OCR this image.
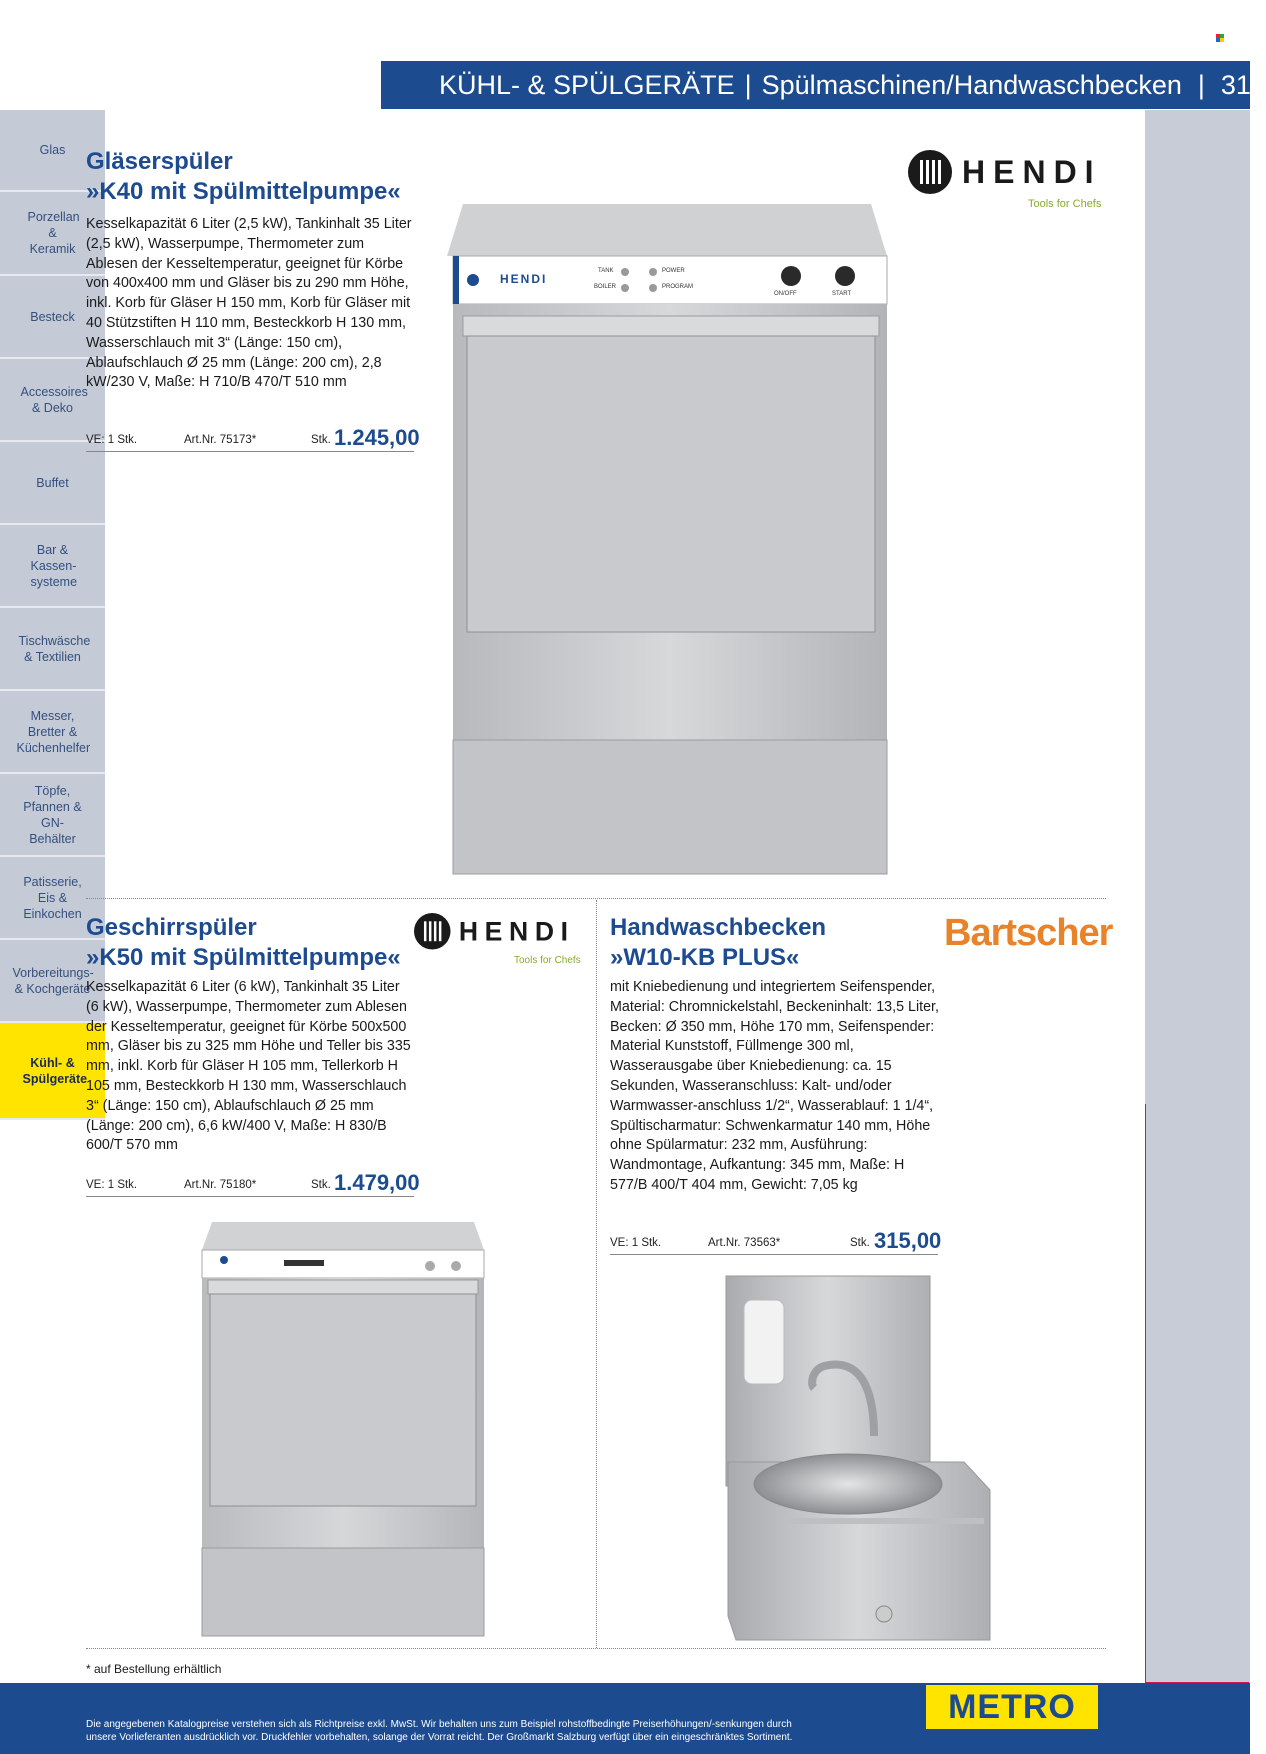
KÜHL- & SPÜLGERÄTE | Spülmaschinen/Handwaschbecken | 319
Glas
Porzellan & Keramik
Besteck
Accessoires & Deko
Buffet
Bar & Kassen-systeme
Tischwäsche & Textilien
Messer, Bretter & Küchenhelfer
Töpfe, Pfannen & GN-Behälter
Patisserie, Eis & Einkochen
Vorbereitungs- & Kochgeräte
Kühl- & Spülgeräte
Gläserspüler
»K40 mit Spülmittelpumpe«
Kesselkapazität 6 Liter (2,5 kW), Tankinhalt 35 Liter (2,5 kW), Wasserpumpe, Thermometer zum Ablesen der Kesseltemperatur, geeignet für Körbe von 400x400 mm und Gläser bis zu 290 mm Höhe, inkl. Korb für Gläser H 150 mm, Korb für Gläser mit 40 Stützstiften H 110 mm, Besteckkorb H 130 mm, Wasserschlauch mit 3“ (Länge: 150 cm), Ablaufschlauch Ø 25 mm (Länge: 200 cm), 2,8 kW/230 V, Maße: H 710/B 470/T 510 mm
VE: 1 Stk.	Art.Nr. 75173*	Stk. 1.245,00
HENDI
Tools for Chefs
HENDI
TANK
BOILER
POWER
PROGRAM
ON/OFF	START
Geschirrspüler
»K50 mit Spülmittelpumpe«
HENDI
Tools for Chefs
Kesselkapazität 6 Liter (6 kW), Tankinhalt 35 Liter (6 kW), Wasserpumpe, Thermometer zum Ablesen der Kesseltemperatur, geeignet für Körbe 500x500 mm, Gläser bis zu 325 mm Höhe und Teller bis 335 mm, inkl. Korb für Gläser H 105 mm, Tellerkorb H 105 mm, Besteckkorb H 130 mm, Wasserschlauch 3“ (Länge: 150 cm), Ablaufschlauch Ø 25 mm (Länge: 200 cm), 6,6 kW/400 V, Maße: H 830/B 600/T 570 mm
VE: 1 Stk.	Art.Nr. 75180*	Stk. 1.479,00
Handwaschbecken
»W10-KB PLUS«
Bartscher
mit Kniebedienung und integriertem Seifenspender, Material: Chromnickelstahl, Beckeninhalt: 13,5 Liter, Becken: Ø 350 mm, Höhe 170 mm, Seifenspender: Material Kunststoff, Füllmenge 300 ml, Wasserausgabe über Kniebedienung: ca. 15 Sekunden, Wasseranschluss: Kalt- und/oder Warmwasser-anschluss 1/2“, Wasserablauf: 1 1/4“, Spültischarmatur: Schwenkarmatur 140 mm, Höhe ohne Spülarmatur: 232 mm, Ausführung: Wandmontage, Aufkantung: 345 mm, Maße: H 577/B 400/T 404 mm, Gewicht: 7,05 kg
VE: 1 Stk.	Art.Nr. 73563*	Stk. 315,00
* auf Bestellung erhältlich
Die angegebenen Katalogpreise verstehen sich als Richtpreise exkl. MwSt. Wir behalten uns zum Beispiel rohstoffbedingte Preiserhöhungen/-senkungen durch
unsere Vorlieferanten ausdrücklich vor. Druckfehler vorbehalten, solange der Vorrat reicht. Der Großmarkt Salzburg verfügt über ein eingeschränktes Sortiment.
METRO
